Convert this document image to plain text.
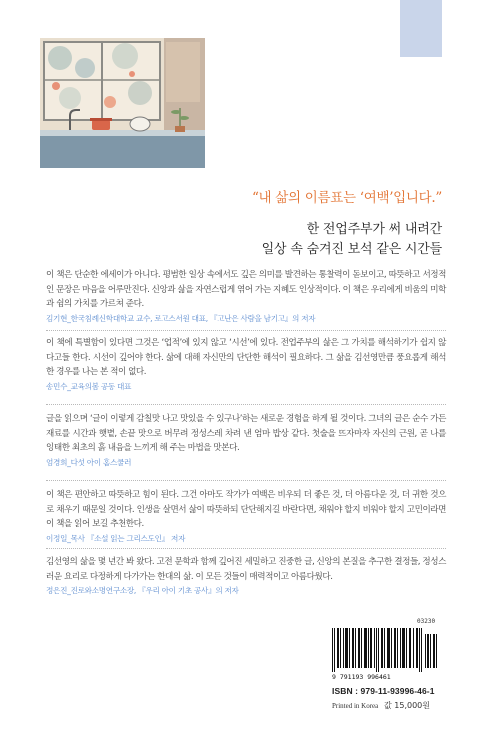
“내 삶의 이름표는 ‘여백’입니다.”
한 전업주부가 써 내려간
일상 속 숨겨진 보석 같은 시간들

이 책은 단순한 에세이가 아니다. 평범한 일상 속에서도 깊은 의미를 발견하는 통찰력이 돋보이고, 따뜻하고 서정적인 문장은 마음을 어루만진다. 신앙과 삶을 자연스럽게 엮어 가는 지혜도 인상적이다. 이 책은 우리에게 비움의 미학과 쉼의 가치를 가르쳐 준다.

김기현_한국침례신학대학교 교수, 로고스서원 대표, 『고난은 사람을 남기고』의 저자

이 책에 특별함이 있다면 그것은 ‘업적’에 있지 않고 ‘시선’에 있다. 전업주부의 삶은 그 가치를 해석하기가 쉽지 않다고들 한다. 시선이 깊어야 한다. 삶에 대해 자신만의 단단한 해석이 필요하다. 그 삶을 김선영만큼 풍요롭게 해석한 경우를 나는 본 적이 없다.

송민수_교육의봄 공동 대표

글을 읽으며 ‘글이 이렇게 감칠맛 나고 맛있을 수 있구나’하는 새로운 경험을 하게 될 것이다. 그녀의 글은 순수 가든 재료를 시간과 햇볕, 손끝 맛으로 버무려 정성스레 차려 낸 엄마 밥상 같다. 첫술을 뜨자마자 자신의 근원, 곧 나를 잉태한 최초의 흙 내음을 느끼게 해 주는 마법을 맛본다.

엄경희_다섯 아이 홈스쿨러

이 책은 편안하고 따뜻하고 힘이 된다. 그건 아마도 작가가 여백은 비우되 더 좋은 것, 더 아름다운 것, 더 귀한 것으로 채우기 때문일 것이다. 인생을 살면서 삶이 따뜻하되 단단해지길 바란다면, 채워야 할지 비워야 할지 고민이라면 이 책을 읽어 보길 추천한다.

이정일_목사 『소설 읽는 그리스도인』 저자

김선영의 삶을 몇 년간 봐 왔다. 고전 문학과 함께 깊어진 세밀하고 진중한 글, 신앙의 본질을 추구한 결정들, 정성스러운 요리로 다정하게 다가가는 한대의 삶. 이 모든 것들이 매력적이고 아름다웠다.

정은진_진로와소명연구소장, 『우리 아이 기초 공사』의 저자
03230
9 791193 996461
ISBN : 979-11-93996-46-1
Printed in Korea 값 15,000원
